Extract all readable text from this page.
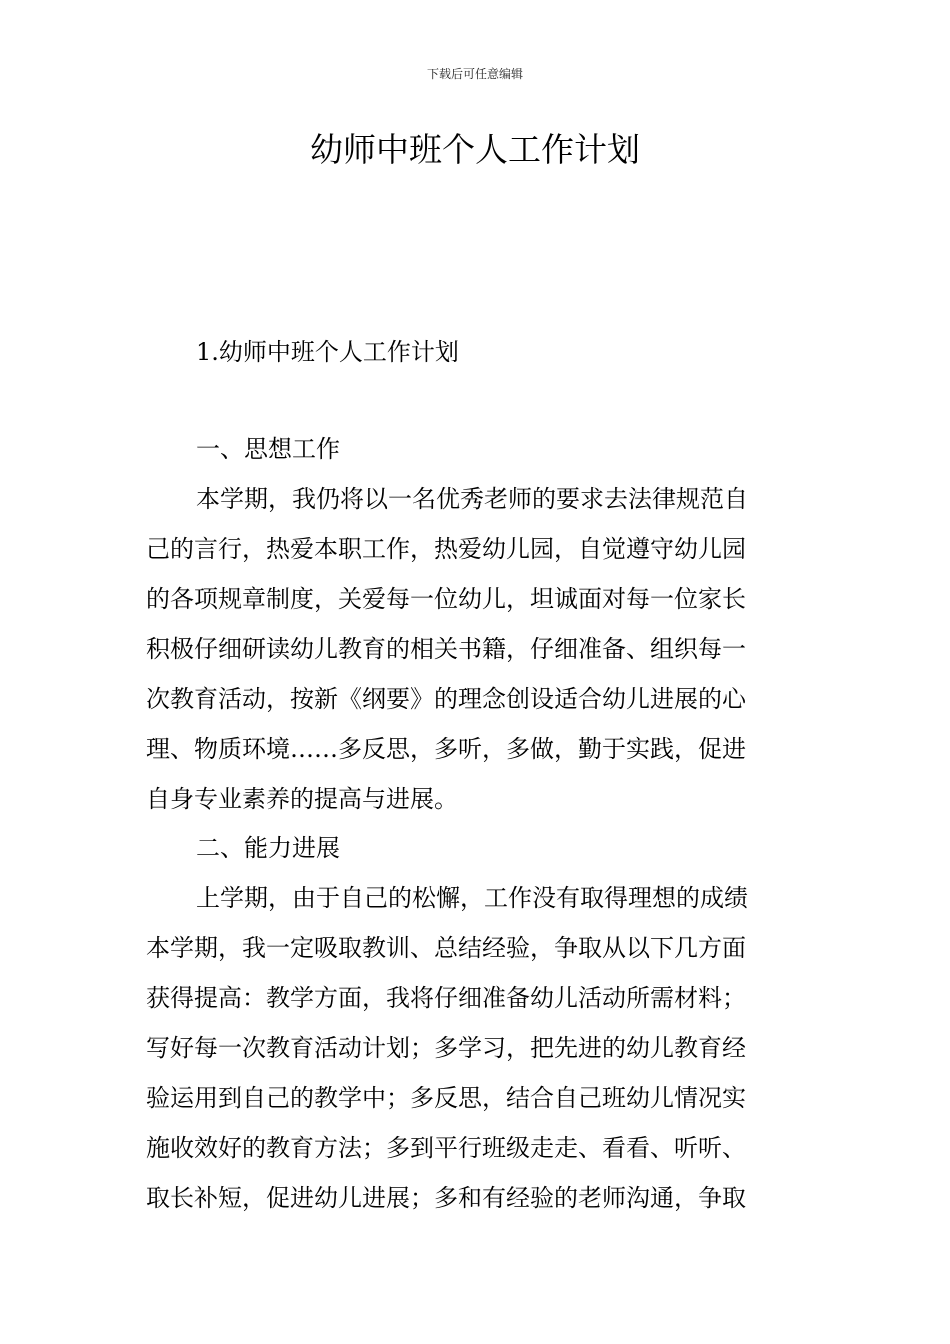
下载后可任意编辑
幼师中班个人工作计划

1.幼师中班个人工作计划

一、思想工作

本学期，我仍将以一名优秀老师的要求去法律规范自
己的言行，热爱本职工作，热爱幼儿园，自觉遵守幼儿园
的各项规章制度，关爱每一位幼儿，坦诚面对每一位家长
积极仔细研读幼儿教育的相关书籍，仔细准备、组织每一
次教育活动，按新《纲要》的理念创设适合幼儿进展的心
理、物质环境……多反思，多听，多做，勤于实践，促进
自身专业素养的提高与进展。

二、能力进展

上学期，由于自己的松懈，工作没有取得理想的成绩
本学期，我一定吸取教训、总结经验，争取从以下几方面
获得提高：教学方面，我将仔细准备幼儿活动所需材料；
写好每一次教育活动计划；多学习，把先进的幼儿教育经
验运用到自己的教学中；多反思，结合自己班幼儿情况实
施收效好的教育方法；多到平行班级走走、看看、听听、
取长补短，促进幼儿进展；多和有经验的老师沟通，争取
